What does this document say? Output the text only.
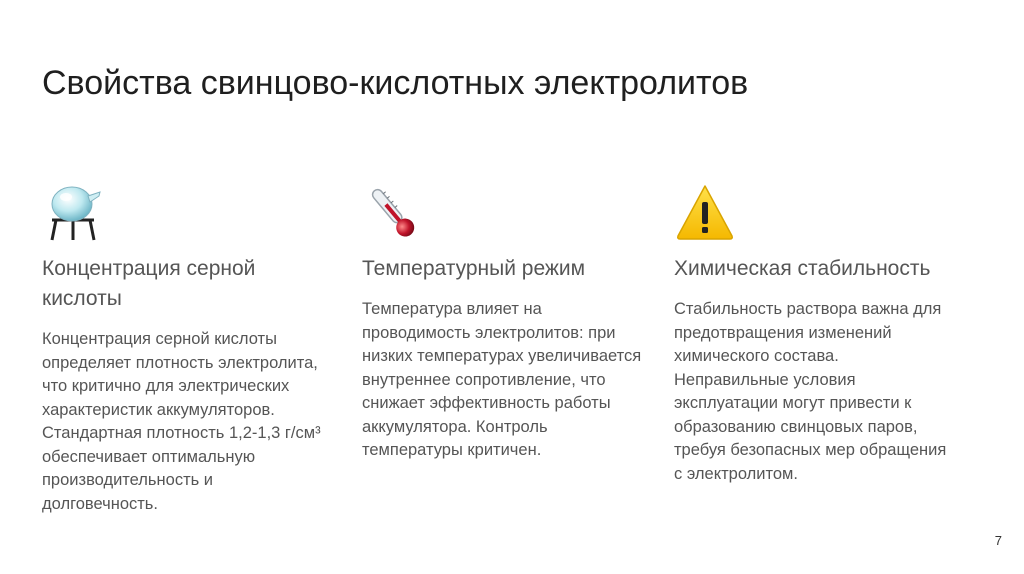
Свойства свинцово-кислотных электролитов
Концентрация серной кислоты
Концентрация серной кислоты определяет плотность электролита, что критично для электрических характеристик аккумуляторов. Стандартная плотность 1,2-1,3 г/см³ обеспечивает оптимальную производительность и долговечность.
Температурный режим
Температура влияет на проводимость электролитов: при низких температурах увеличивается внутреннее сопротивление, что снижает эффективность работы аккумулятора. Контроль температуры критичен.
Химическая стабильность
Стабильность раствора важна для предотвращения изменений химического состава. Неправильные условия эксплуатации могут привести к образованию свинцовых паров, требуя безопасных мер обращения с электролитом.
7
